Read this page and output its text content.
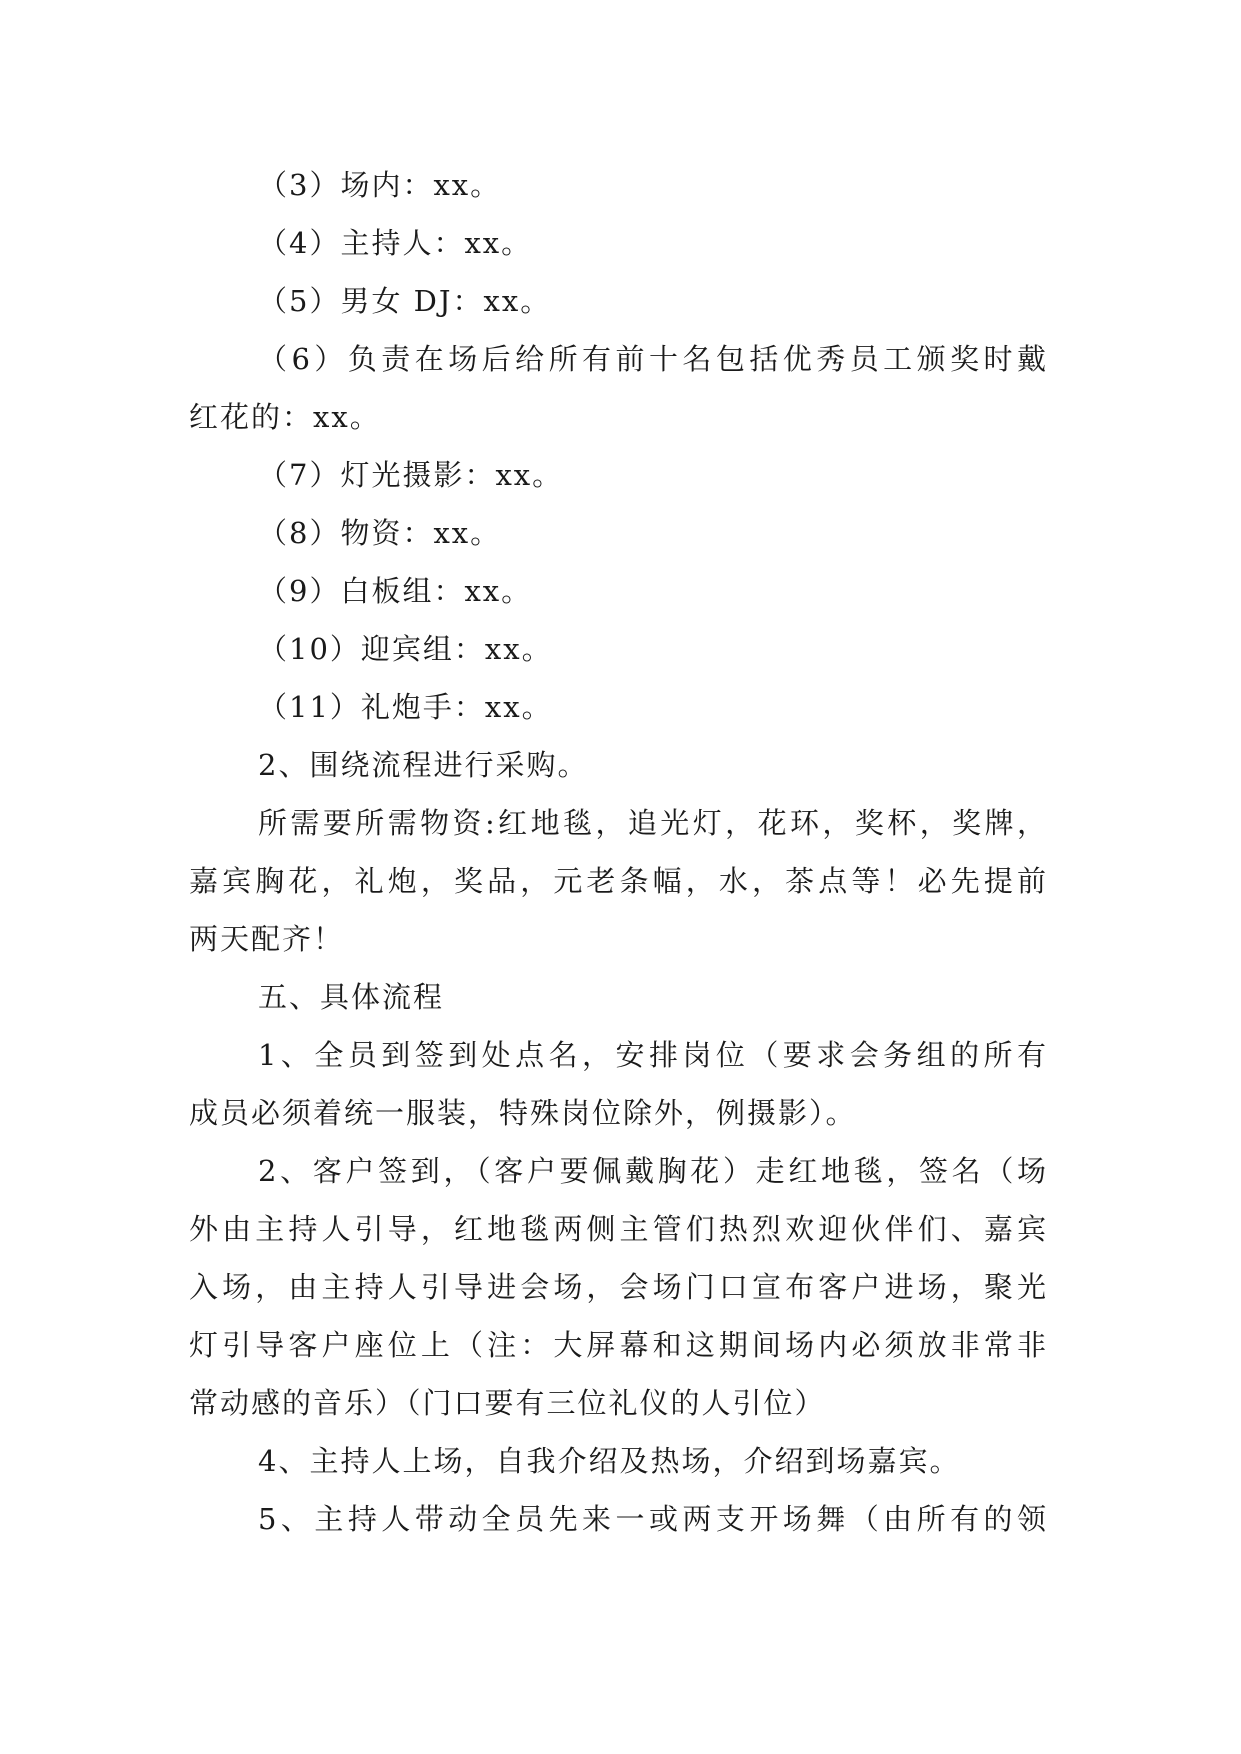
（3）场内：xx。
（4）主持人：xx。
（5）男女 DJ：xx。
（6）负责在场后给所有前十名包括优秀员工颁奖时戴
红花的：xx。
（7）灯光摄影：xx。
（8）物资：xx。
（9）白板组：xx。
（10）迎宾组：xx。
（11）礼炮手：xx。
2、围绕流程进行采购。
所需要所需物资:红地毯，追光灯，花环，奖杯，奖牌，
嘉宾胸花，礼炮，奖品，元老条幅，水，茶点等！必先提前
两天配齐！
五、具体流程
1、全员到签到处点名，安排岗位（要求会务组的所有
成员必须着统一服装，特殊岗位除外，例摄影）。
2、客户签到，（客户要佩戴胸花）走红地毯，签名（场
外由主持人引导，红地毯两侧主管们热烈欢迎伙伴们、嘉宾
入场，由主持人引导进会场，会场门口宣布客户进场，聚光
灯引导客户座位上（注：大屏幕和这期间场内必须放非常非
常动感的音乐）（门口要有三位礼仪的人引位）
4、主持人上场，自我介绍及热场，介绍到场嘉宾。
5、主持人带动全员先来一或两支开场舞（由所有的领
